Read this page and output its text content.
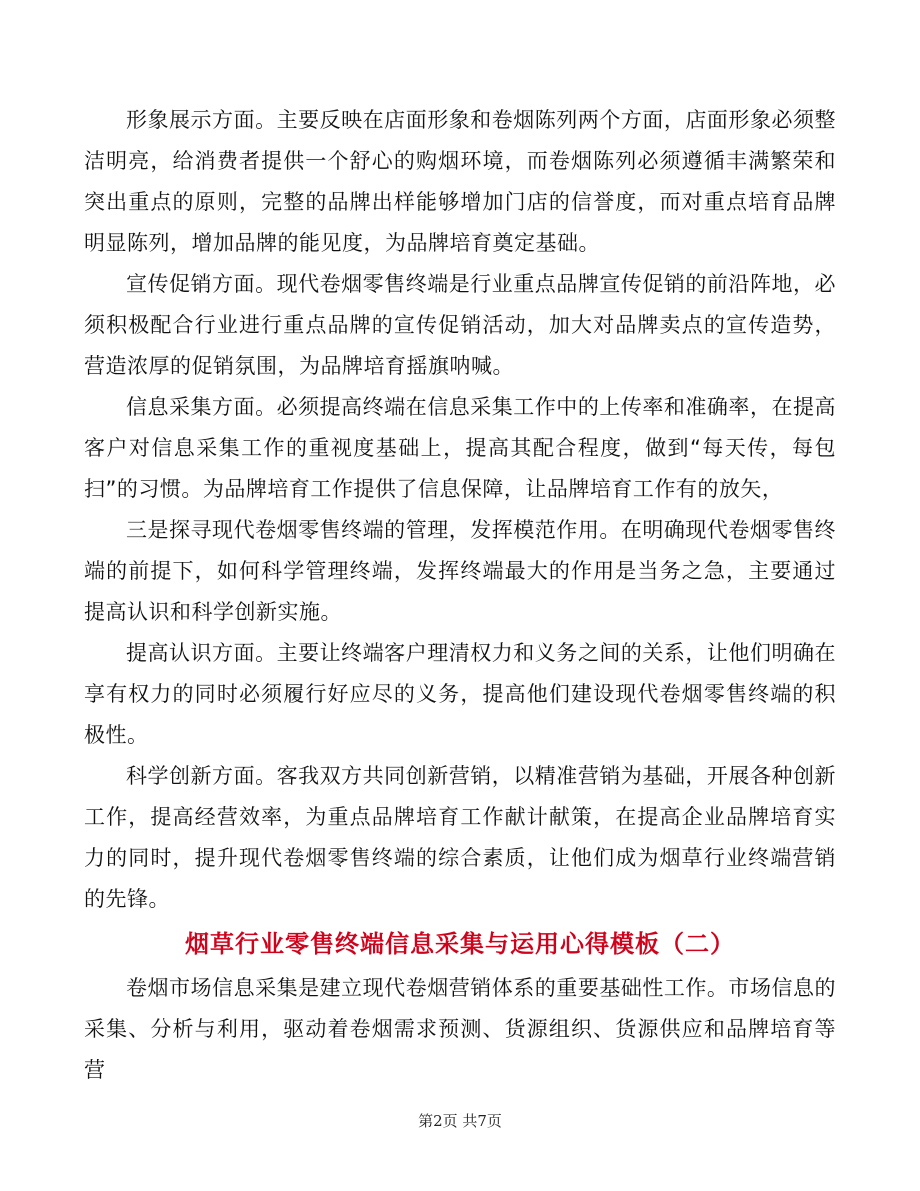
形象展示方面。主要反映在店面形象和卷烟陈列两个方面，店面形象必须整洁明亮，给消费者提供一个舒心的购烟环境，而卷烟陈列必须遵循丰满繁荣和突出重点的原则，完整的品牌出样能够增加门店的信誉度，而对重点培育品牌明显陈列，增加品牌的能见度，为品牌培育奠定基础。

宣传促销方面。现代卷烟零售终端是行业重点品牌宣传促销的前沿阵地，必须积极配合行业进行重点品牌的宣传促销活动，加大对品牌卖点的宣传造势，营造浓厚的促销氛围，为品牌培育摇旗呐喊。

信息采集方面。必须提高终端在信息采集工作中的上传率和准确率，在提高客户对信息采集工作的重视度基础上，提高其配合程度，做到“每天传，每包扫”的习惯。为品牌培育工作提供了信息保障，让品牌培育工作有的放矢，

三是探寻现代卷烟零售终端的管理，发挥模范作用。在明确现代卷烟零售终端的前提下，如何科学管理终端，发挥终端最大的作用是当务之急，主要通过提高认识和科学创新实施。

提高认识方面。主要让终端客户理清权力和义务之间的关系，让他们明确在享有权力的同时必须履行好应尽的义务，提高他们建设现代卷烟零售终端的积极性。

科学创新方面。客我双方共同创新营销，以精准营销为基础，开展各种创新工作，提高经营效率，为重点品牌培育工作献计献策，在提高企业品牌培育实力的同时，提升现代卷烟零售终端的综合素质，让他们成为烟草行业终端营销的先锋。

烟草行业零售终端信息采集与运用心得模板（二）

卷烟市场信息采集是建立现代卷烟营销体系的重要基础性工作。市场信息的采集、分析与利用，驱动着卷烟需求预测、货源组织、货源供应和品牌培育等营

第2页 共7页
